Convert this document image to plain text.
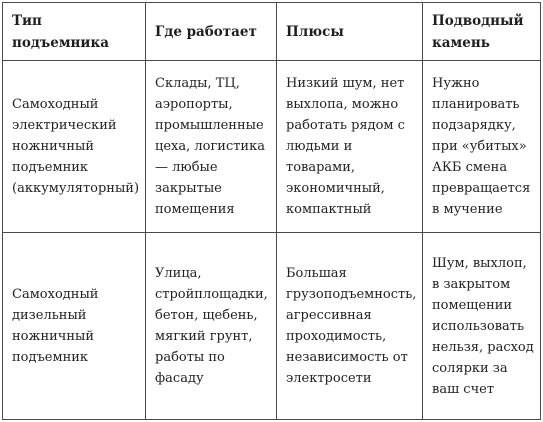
Тип подъемника	Где работает	Плюсы	Подводный камень
Самоходный электрический ножничный подъемник (аккумуляторный)	Склады, ТЦ, аэропорты, промышленные цеха, логистика — любые закрытые помещения	Низкий шум, нет выхлопа, можно работать рядом с людьми и товарами, экономичный, компактный	Нужно планировать подзарядку, при «убитых» АКБ смена превращается в мучение
Самоходный дизельный ножничный подъемник	Улица, стройплощадки, бетон, щебень, мягкий грунт, работы по фасаду	Большая грузоподъемность, агрессивная проходимость, независимость от электросети	Шум, выхлоп, в закрытом помещении использовать нельзя, расход солярки за ваш счет
